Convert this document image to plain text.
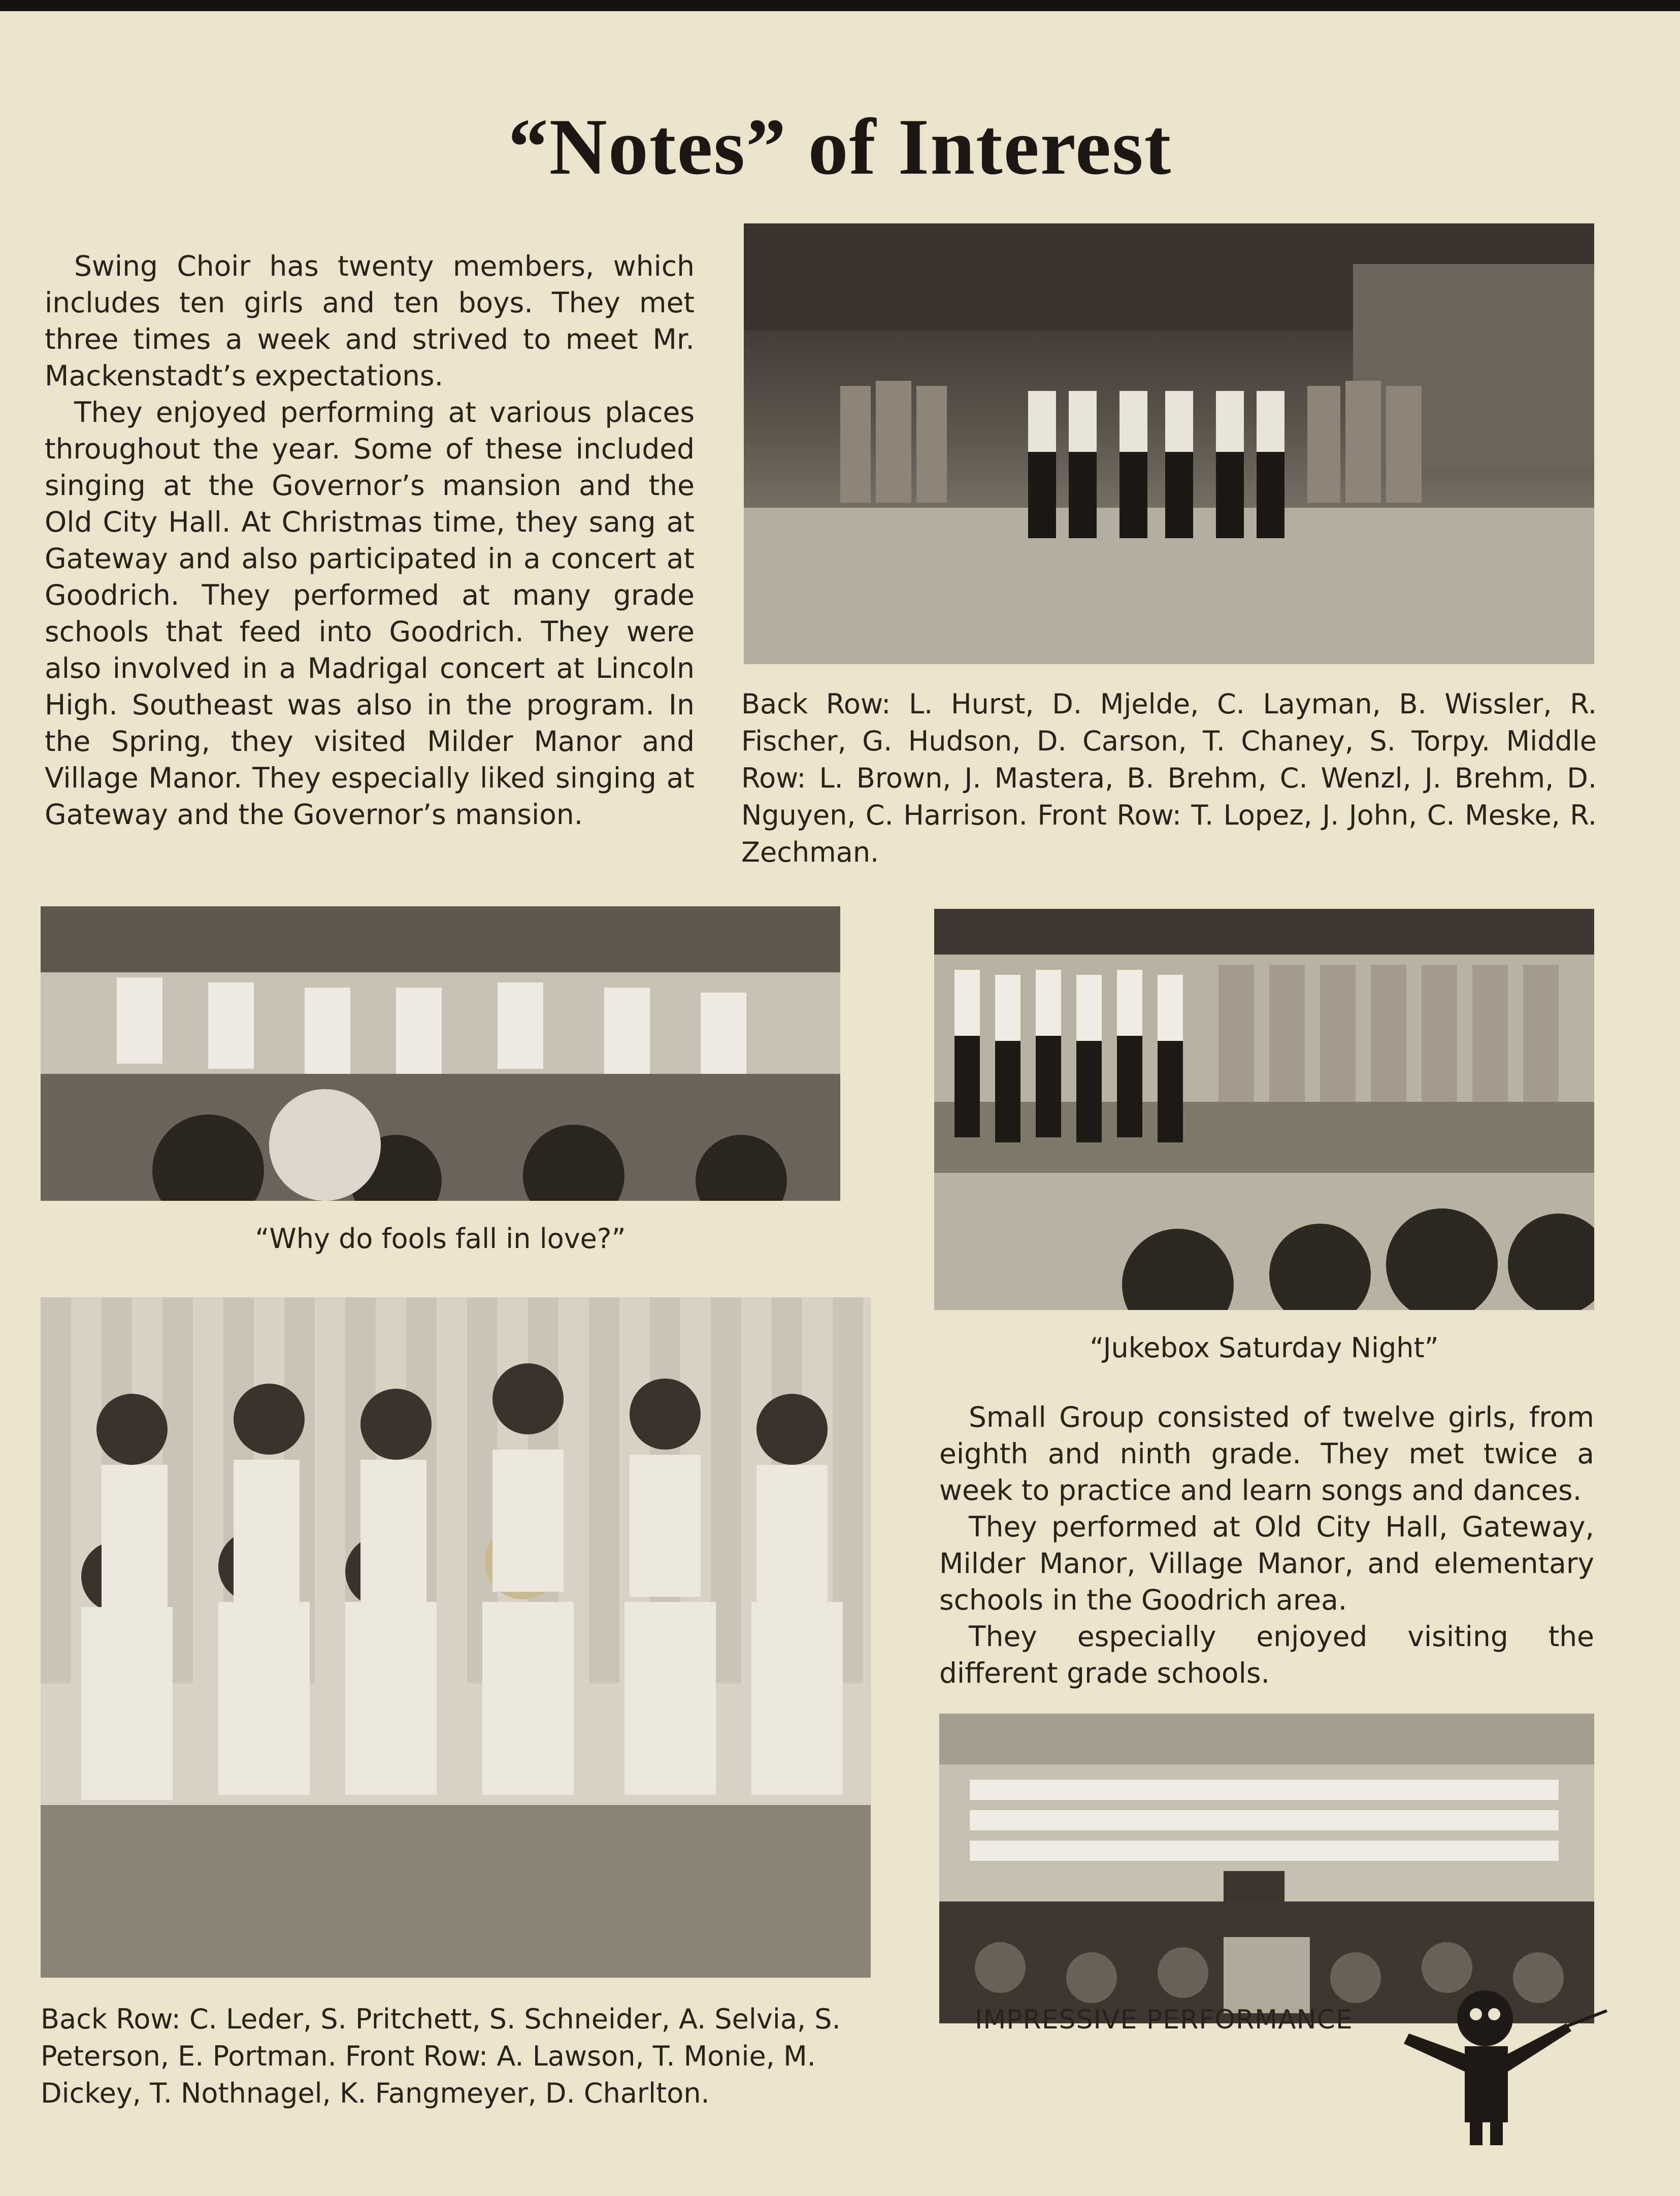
“Notes” of Interest

Swing Choir has twenty members, which includes ten girls and ten boys. They met three times a week and strived to meet Mr. Mackenstadt’s expectations.

They enjoyed performing at various places throughout the year. Some of these included singing at the Governor’s mansion and the Old City Hall. At Christmas time, they sang at Gateway and also participated in a concert at Goodrich. They performed at many grade schools that feed into Goodrich. They were also involved in a Madrigal concert at Lincoln High. Southeast was also in the program. In the Spring, they visited Milder Manor and Village Manor. They especially liked singing at Gateway and the Governor’s mansion.

Back Row: L. Hurst, D. Mjelde, C. Layman, B. Wissler, R. Fischer, G. Hudson, D. Carson, T. Chaney, S. Torpy. Middle Row: L. Brown, J. Mastera, B. Brehm, C. Wenzl, J. Brehm, D. Nguyen, C. Harrison. Front Row: T. Lopez, J. John, C. Meske, R. Zechman.
“Why do fools fall in love?”
“Jukebox Saturday Night”

Small Group consisted of twelve girls, from eighth and ninth grade. They met twice a week to practice and learn songs and dances.

They performed at Old City Hall, Gateway, Milder Manor, Village Manor, and elementary schools in the Goodrich area.

They especially enjoyed visiting the different grade schools.

Back Row: C. Leder, S. Pritchett, S. Schneider, A. Selvia, S. Peterson, E. Portman. Front Row: A. Lawson, T. Monie, M. Dickey, T. Nothnagel, K. Fangmeyer, D. Charlton.
IMPRESSIVE PERFORMANCE
